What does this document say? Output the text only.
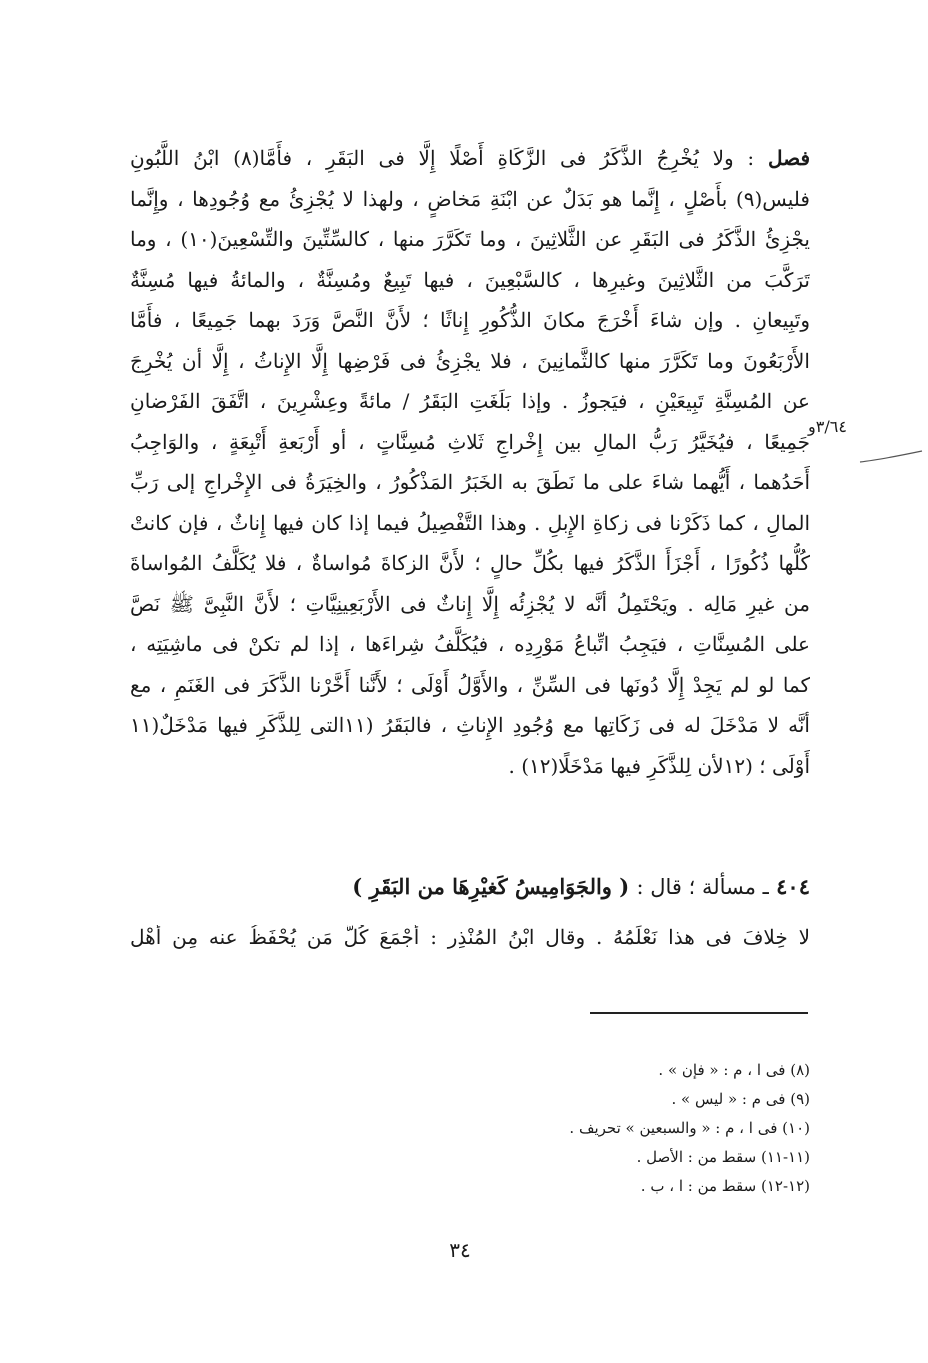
فصل : ولا يُخْرِجُ الذَّكَرُ فى الزَّكَاةِ أَصْلًا إِلَّا فى البَقَرِ ، فأَمَّا(٨) ابْنُ اللَّبُونِ
فليس(٩) بأَصْلٍ ، إِنَّما هو بَدَلٌ عن ابْنَةِ مَخاضٍ ، ولهذا لا يُجْزِئُ مع وُجُودِها ، وإِنَّما
يجْزِئُ الذَّكَرُ فى البَقَرِ عن الثَّلاثِينَ ، وما تَكَرَّرَ منها ، كالسِّتِّينَ والتِّسْعِينَ(١٠) ، وما
تَرَكَّبَ من الثَّلاثِينَ وغيرِها ، كالسَّبْعِينَ ، فيها تَبِيعٌ ومُسِنَّةٌ ، والمائةُ فيها مُسِنَّةٌ
وتَبِيعانِ . وإن شاءَ أَخْرَجَ مكانَ الذُّكُورِ إِناثًا ؛ لأَنَّ النَّصَّ وَرَدَ بهما جَمِيعًا ، فأَمَّا
الأَرْبَعُونَ وما تَكَرَّرَ منها كالثَّمانِينَ ، فلا يجْزِئُ فى فَرْضِها إِلَّا الإِناثُ ، إِلَّا أن يُخْرِجَ
عن المُسِنَّةِ تَبِيعَيْنِ ، فيَجوزُ . وإذا بَلَغَتِ البَقَرُ / مائةً وعِشْرِينَ ، اتَّفَقَ الفَرْضانِ
جَمِيعًا ، فيُخَيَّرُ رَبُّ المالِ بين إِخْراجِ ثَلاثِ مُسِنَّاتٍ ، أو أَرْبَعةِ أَتْبِعَةٍ ، والوَاجِبُ
أَحَدُهما ، أَيُّهما شاءَ على ما نَطَقَ به الخَبَرُ المَذْكُورُ ، والخِيَرَةُ فى الإِخْراجِ إلى رَبِّ
المالِ ، كما ذَكَرْنا فى زكاةِ الإِبلِ . وهذا التَّفْصِيلُ فيما إذا كان فيها إِناثٌ ، فإن كانتْ
كُلُّها ذُكُورًا ، أَجْزَأَ الذَّكَرُ فيها بكُلِّ حالٍ ؛ لأَنَّ الزكاةَ مُواساةٌ ، فلا يُكَلَّفُ المُواساةَ
من غيرِ مَالِه . ويَحْتَمِلُ أنَّه لا يُجْزِئُه إِلَّا إِناثٌ فى الأَرْبَعِينِيَّاتِ ؛ لأَنَّ النَّبِىَّ ﷺ نَصَّ
على المُسِنَّاتِ ، فيَجِبُ اتِّباعُ مَوْرِدِه ، فيُكَلَّفُ شِراءَها ، إذا لم تكنْ فى ماشِيَتِه ،
كما لو لم يَجِدْ إِلَّا دُونَها فى السِّنِّ ، والأَوَّلُ أَوْلَى ؛ لأَنَّنا أَخَّرْنا الذَّكَرَ فى الغَنَمِ ، مع
أنَّه لا مَدْخَلَ له فى زَكَاتِها مع وُجُودِ الإِناثِ ، فالبَقَرُ (١١التى لِلذَّكَرِ فيها مَدْخَلٌ(١١
أَوْلَى ؛ (١٢لأن لِلذَّكَرِ فيها مَدْخَلًا(١٢) .
٣/٦٤و
٤٠٤ ـ مسألة ؛ قال : ( والجَوَامِيسُ كَغيْرِهَا من البَقَرِ )
لا خِلافَ فى هذا نَعْلَمُهُ . وقال ابْنُ المُنْذِرِ : أَجْمَعَ كُلُّ مَن يُحْفَظُ عنه مِن أَهْلِ
(٨) فى ا ، م : « فإن » .
(٩) فى م : « ليس » .
(١٠) فى ا ، م : « والسبعين » تحريف .
(١١-١١) سقط من : الأصل .
(١٢-١٢) سقط من : ا ، ب .
٣٤
